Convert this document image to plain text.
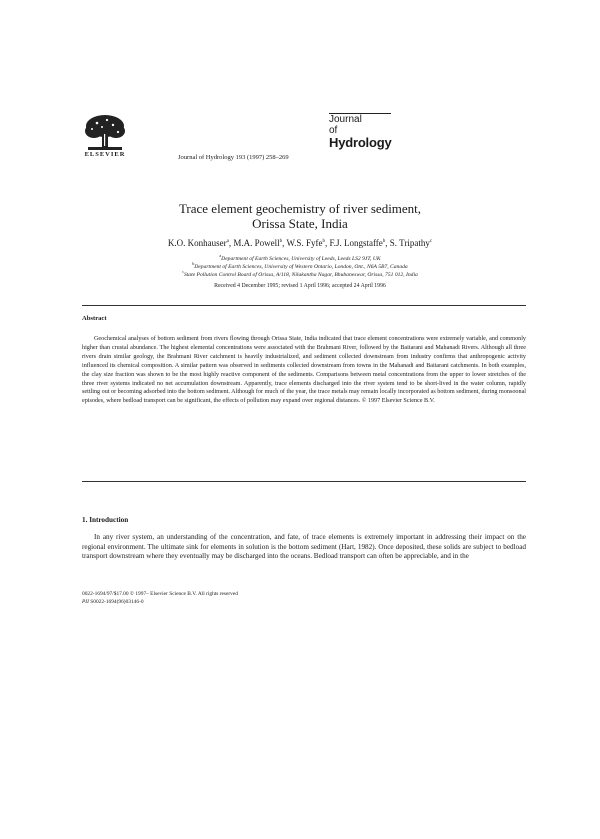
ELSEVIER	Journal of Hydrology 193 (1997) 258–269
Journal
of
Hydrology
Trace element geochemistry of river sediment,
Orissa State, India
K.O. Konhauser$^a$, M.A. Powell$^b$, W.S. Fyfe$^b$, F.J. Longstaffe$^b$, S. Tripathy$^c$
$^a$Department of Earth Sciences, University of Leeds, Leeds LS2 9JT, UK
$^b$Department of Earth Sciences, University of Western Ontario, London, Ont., N6A 5B7, Canada
$^c$State Pollution Control Board of Orissa, A/118, Nilakantha Nagar, Bhubaneswar, Orissa, 751 012, India
Received 4 December 1995; revised 1 April 1996; accepted 24 April 1996
Abstract
Geochemical analyses of bottom sediment from rivers flowing through Orissa State, India indicated that trace element concentrations were extremely variable, and commonly higher than crustal abundance. The highest elemental concentrations were associated with the Brahmani River, followed by the Baitarani and Mahanadi Rivers. Although all three rivers drain similar geology, the Brahmani River catchment is heavily industrialized, and sediment collected downstream from industry confirms that anthropogenic activity influenced its chemical composition. A similar pattern was observed in sediments collected downstream from towns in the Mahanadi and Baitarani catchments. In both examples, the clay size fraction was shown to be the most highly reactive component of the sediments. Comparisons between metal concentrations from the upper to lower stretches of the three river systems indicated no net accumulation downstream. Apparently, trace elements discharged into the river system tend to be short-lived in the water column, rapidly settling out or becoming adsorbed into the bottom sediment. Although for much of the year, the trace metals may remain locally incorporated as bottom sediment, during monsoonal episodes, where bedload transport can be significant, the effects of pollution may expand over regional distances. © 1997 Elsevier Science B.V.
1. Introduction
In any river system, an understanding of the concentration, and fate, of trace elements is extremely important in addressing their impact on the regional environment. The ultimate sink for elements in solution is the bottom sediment (Hart, 1982). Once deposited, these solids are subject to bedload transport downstream where they eventually may be discharged into the oceans. Bedload transport can often be appreciable, and in the
0022-1694/97/$17.00 © 1997– Elsevier Science B.V. All rights reserved
PII S0022-1694(96)03146-0
